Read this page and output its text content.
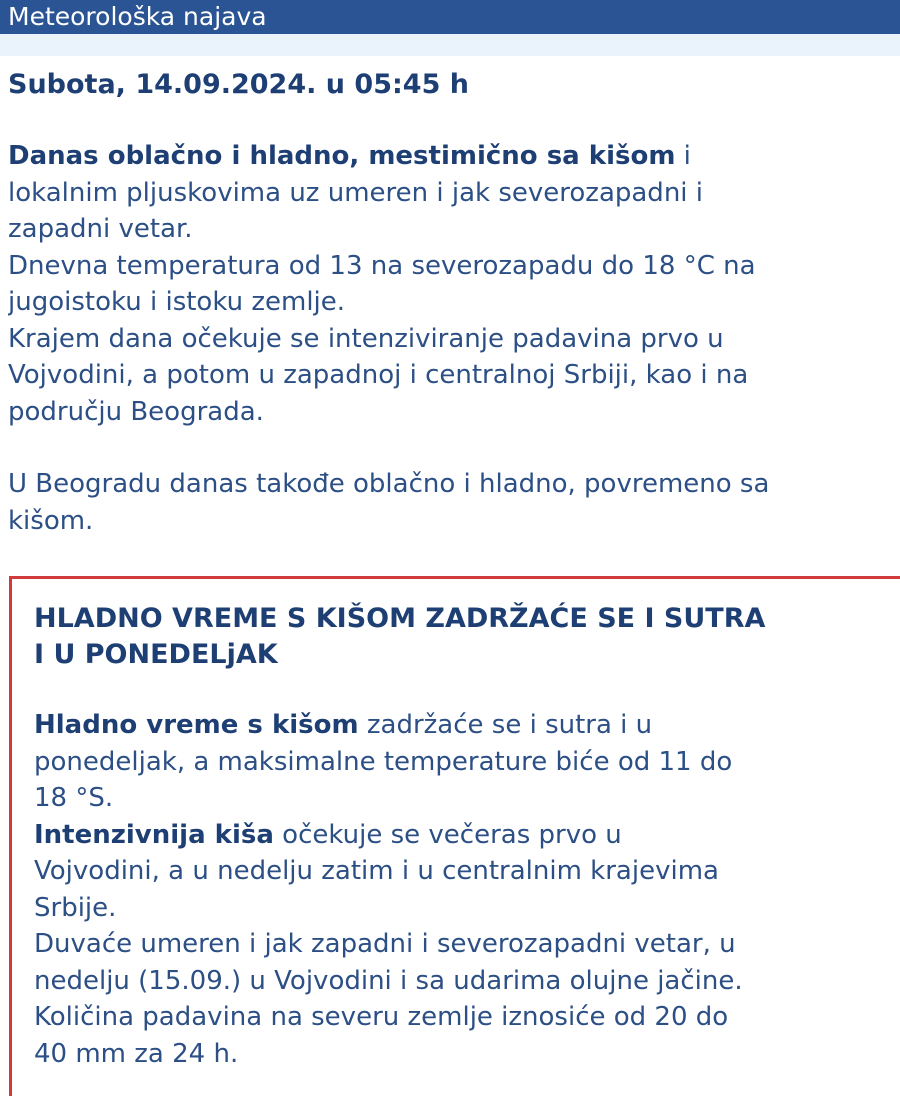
Meteorološka najava
Subota, 14.09.2024. u 05:45 h

Danas oblačno i hladno, mestimično sa kišom i

lokalnim pljuskovima uz umeren i jak severozapadni i

zapadni vetar.

Dnevna temperatura od 13 na severozapadu do 18 °C na

jugoistoku i istoku zemlje.

Krajem dana očekuje se intenziviranje padavina prvo u

Vojvodini, a potom u zapadnoj i centralnoj Srbiji, kao i na

području Beograda.

U Beogradu danas takođe oblačno i hladno, povremeno sa

kišom.

HLADNO VREME S KIŠOM ZADRŽAĆE SE I SUTRA
I U PONEDELjAK

Hladno vreme s kišom zadržaće se i sutra i u

ponedeljak, a maksimalne temperature biće od 11 do

18 °S.

Intenzivnija kiša očekuje se večeras prvo u

Vojvodini, a u nedelju zatim i u centralnim krajevima

Srbije.

Duvaće umeren i jak zapadni i severozapadni vetar, u

nedelju (15.09.) u Vojvodini i sa udarima olujne jačine.

Količina padavina na severu zemlje iznosiće od 20 do

40 mm za 24 h.
